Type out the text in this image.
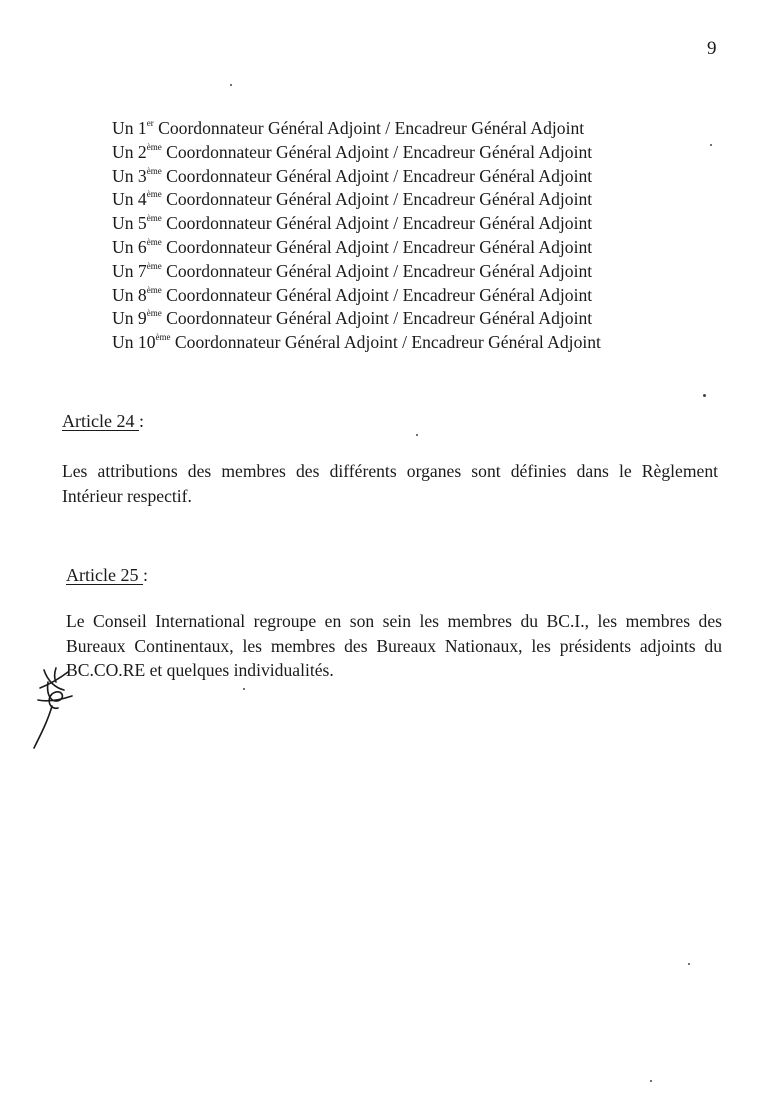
9
Un 1er Coordonnateur Général Adjoint / Encadreur Général Adjoint
Un 2ème Coordonnateur Général Adjoint / Encadreur Général Adjoint
Un 3ème Coordonnateur Général Adjoint / Encadreur Général Adjoint
Un 4ème Coordonnateur Général Adjoint / Encadreur Général Adjoint
Un 5ème Coordonnateur Général Adjoint / Encadreur Général Adjoint
Un 6ème Coordonnateur Général Adjoint / Encadreur Général Adjoint
Un 7ème Coordonnateur Général Adjoint / Encadreur Général Adjoint
Un 8ème Coordonnateur Général Adjoint / Encadreur Général Adjoint
Un 9ème Coordonnateur Général Adjoint / Encadreur Général Adjoint
Un 10ème Coordonnateur Général Adjoint / Encadreur Général Adjoint
Article 24 :

Les attributions des membres des différents organes sont définies dans le Règlement Intérieur respectif.

Article 25 :

Le Conseil International regroupe en son sein les membres du BC.I., les membres des Bureaux Continentaux, les membres des Bureaux Nationaux, les présidents adjoints du BC.CO.RE et quelques individualités.
